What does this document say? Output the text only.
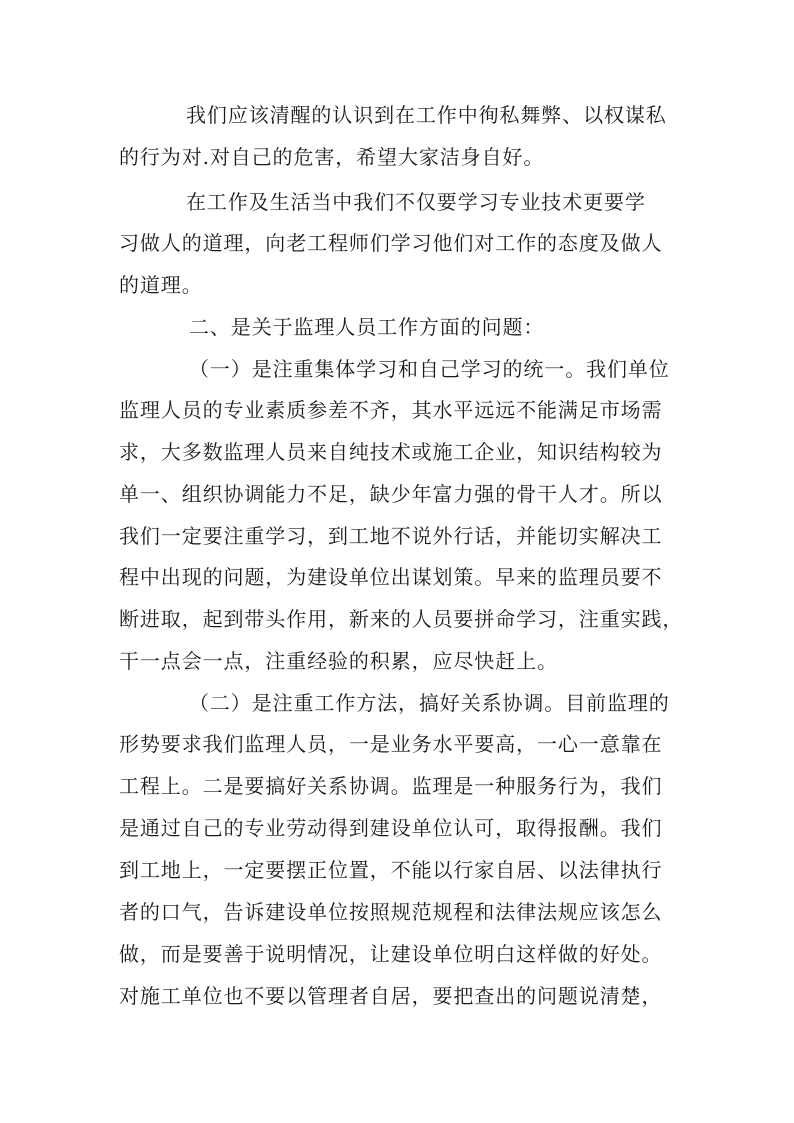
我们应该清醒的认识到在工作中徇私舞弊、以权谋私
的行为对.对自己的危害，希望大家洁身自好。
在工作及生活当中我们不仅要学习专业技术更要学
习做人的道理，向老工程师们学习他们对工作的态度及做人
的道理。
二、是关于监理人员工作方面的问题：
（一）是注重集体学习和自己学习的统一。我们单位
监理人员的专业素质参差不齐，其水平远远不能满足市场需
求，大多数监理人员来自纯技术或施工企业，知识结构较为
单一、组织协调能力不足，缺少年富力强的骨干人才。所以
我们一定要注重学习，到工地不说外行话，并能切实解决工
程中出现的问题，为建设单位出谋划策。早来的监理员要不
断进取，起到带头作用，新来的人员要拼命学习，注重实践，
干一点会一点，注重经验的积累，应尽快赶上。
（二）是注重工作方法，搞好关系协调。目前监理的
形势要求我们监理人员，一是业务水平要高，一心一意靠在
工程上。二是要搞好关系协调。监理是一种服务行为，我们
是通过自己的专业劳动得到建设单位认可，取得报酬。我们
到工地上，一定要摆正位置，不能以行家自居、以法律执行
者的口气，告诉建设单位按照规范规程和法律法规应该怎么
做，而是要善于说明情况，让建设单位明白这样做的好处。
对施工单位也不要以管理者自居，要把查出的问题说清楚，
